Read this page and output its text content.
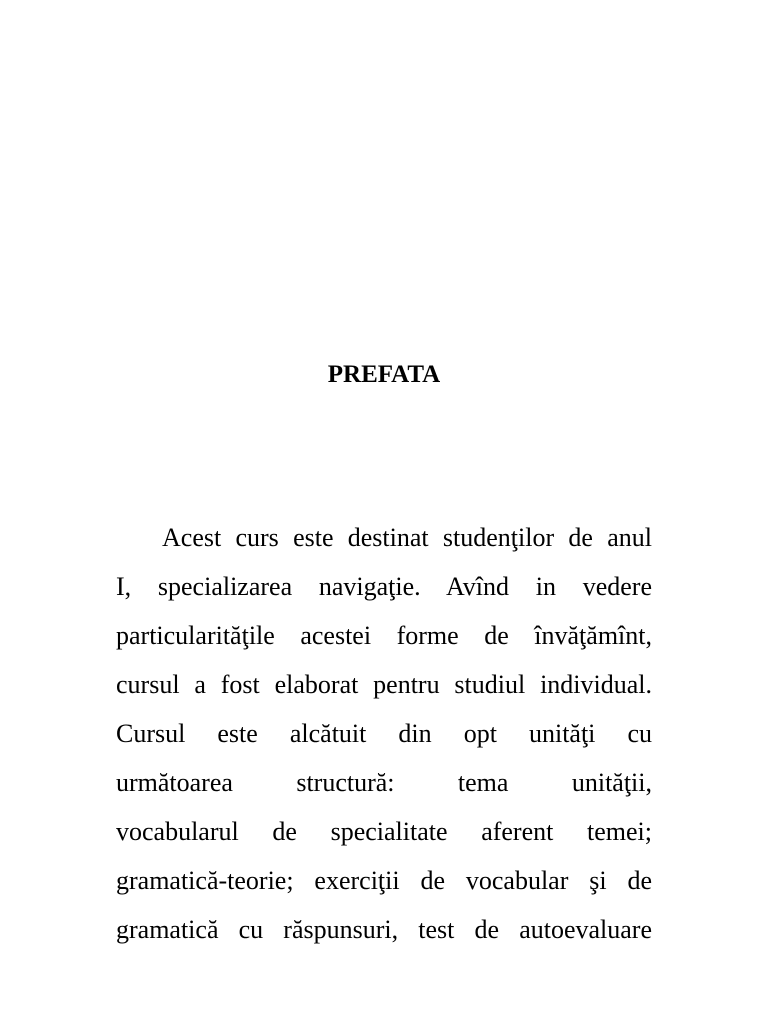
PREFATA
Acest curs este destinat studenţilor de anul
I, specializarea navigaţie. Avînd in vedere
particularităţile acestei forme de învăţămînt,
cursul a fost elaborat pentru studiul individual.
Cursul este alcătuit din opt unităţi cu
următoarea structură: tema unităţii,
vocabularul de specialitate aferent temei;
gramatică-teorie; exerciţii de vocabular şi de
gramatică cu răspunsuri, test de autoevaluare
